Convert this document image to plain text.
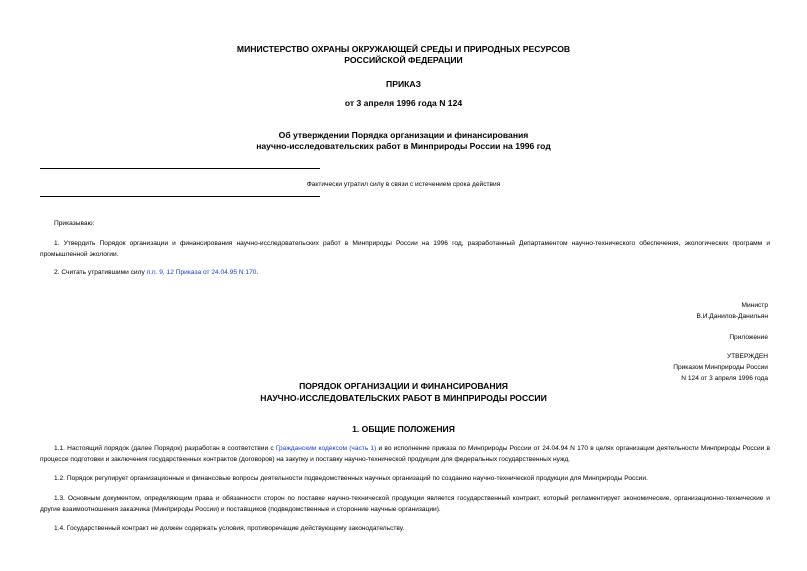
МИНИСТЕРСТВО ОХРАНЫ ОКРУЖАЮЩЕЙ СРЕДЫ И ПРИРОДНЫХ РЕСУРСОВ
РОССИЙСКОЙ ФЕДЕРАЦИИ
ПРИКАЗ
от 3 апреля 1996 года N 124
Об утверждении Порядка организации и финансирования
научно-исследовательских работ в Минприроды России на 1996 год
Фактически утратил силу в связи с истечением срока действия
Приказываю:
1. Утвердить Порядок организации и финансирования научно-исследовательских работ в Минприроды России на 1996 год, разработанный Департаментом научно-технического обеспечения, экологических программ и промышленной экологии.
2. Считать утратившими силу п.п. 9, 12 Приказа от 24.04.95 N 170.
Министр
В.И.Данилов-Данильян
Приложение
УТВЕРЖДЕН
Приказом Минприроды России
N 124 от 3 апреля 1996 года
ПОРЯДОК ОРГАНИЗАЦИИ И ФИНАНСИРОВАНИЯ
НАУЧНО-ИССЛЕДОВАТЕЛЬСКИХ РАБОТ В МИНПРИРОДЫ РОССИИ
1. ОБЩИЕ ПОЛОЖЕНИЯ
1.1. Настоящий порядок (далее Порядок) разработан в соответствии с Гражданским кодексом (часть 1) и во исполнение приказа по Минприроды России от 24.04.94 N 170 в целях организации деятельности Минприроды России в процессе подготовки и заключения государственных контрактов (договоров) на закупку и поставку научно-технической продукции для федеральных государственных нужд.
1.2. Порядок регулирует организационные и финансовые вопросы деятельности подведомственных научных организаций по созданию научно-технической продукции для Минприроды России.
1.3. Основным документом, определяющим права и обязанности сторон по поставке научно-технической продукции является государственный контракт, который регламентирует экономические, организационно-технические и другие взаимоотношения заказчика (Минприроды России) и поставщиков (подведомственные и сторонние научные организации).
1.4. Государственный контракт не должен содержать условия, противоречащие действующему законодательству.
